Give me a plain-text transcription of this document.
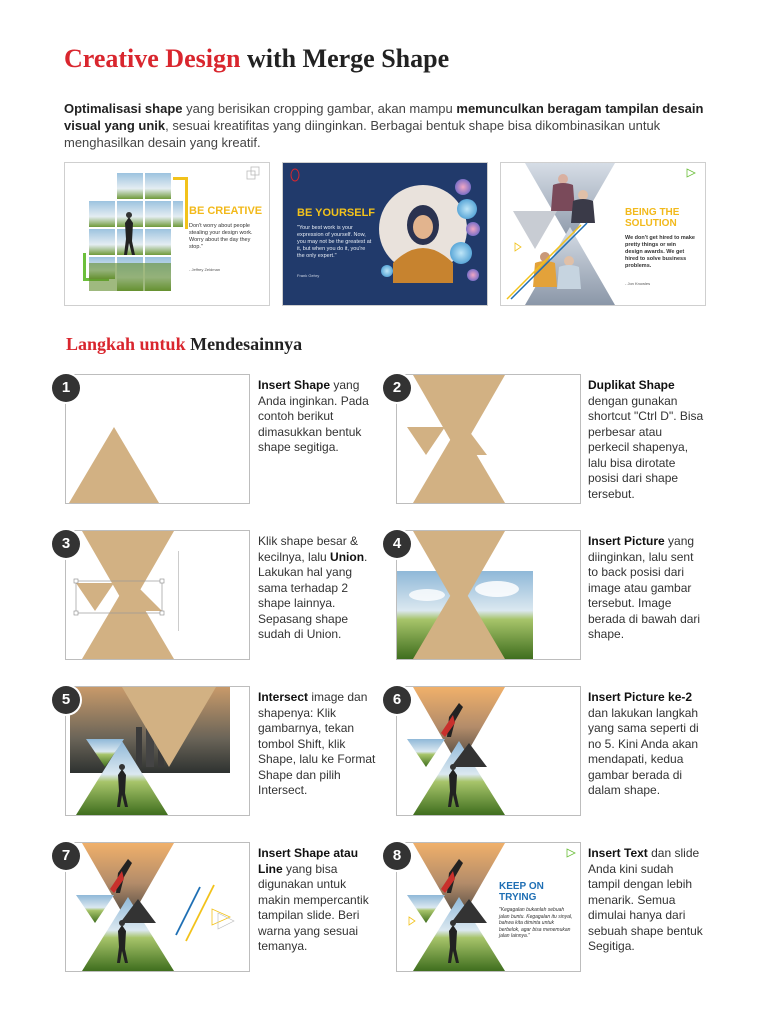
Creative Design with Merge Shape
Optimalisasi shape yang berisikan cropping gambar, akan mampu memunculkan beragam tampilan desain visual yang unik, sesuai kreatifitas yang diinginkan. Berbagai bentuk shape bisa dikombinasikan untuk menghasilkan desain yang kreatif.
BE CREATIVE
Don't worry about people stealing your design work. Worry about the day they stop."
- Jeffrey Zeldman
BE YOURSELF
"Your best work is your expression of yourself. Now, you may not be the greatest at it, but when you do it, you're the only expert."
Frank Gehry
BEING THE
SOLUTION
We don't get hired to make pretty things or win design awards. We get hired to solve business problems.
- Jon Knowles
Langkah untuk Mendesainnya
1	Insert Shape yang Anda inginkan. Pada contoh berikut dimasukkan bentuk shape segitiga.
2	Duplikat Shape dengan gunakan shortcut "Ctrl D". Bisa perbesar atau perkecil shapenya, lalu bisa dirotate posisi dari shape tersebut.
3	Klik shape besar & kecilnya, lalu Union. Lakukan hal yang sama terhadap 2 shape lainnya. Sepasang shape sudah di Union.
4	Insert Picture yang diinginkan, lalu sent to back posisi dari image atau gambar tersebut. Image berada di bawah dari shape.
5	Intersect image dan shapenya: Klik gambarnya, tekan tombol Shift, klik Shape, lalu ke Format Shape dan pilih Intersect.
6	Insert Picture ke-2 dan lakukan langkah yang sama seperti di no 5. Kini Anda akan mendapati, kedua gambar berada di dalam shape.
7	Insert Shape atau Line yang bisa digunakan untuk makin mempercantik tampilan slide. Beri warna yang sesuai temanya.
KEEP ON
TRYING
"Kegagalan bukanlah sebuah jalan buntu. Kegagalan itu sinyal, bahwa kita diminta untuk berbelok, agar bisa menemukan jalan lainnya."
8	Insert Text dan slide Anda kini sudah tampil dengan lebih menarik. Semua dimulai hanya dari sebuah shape bentuk Segitiga.
